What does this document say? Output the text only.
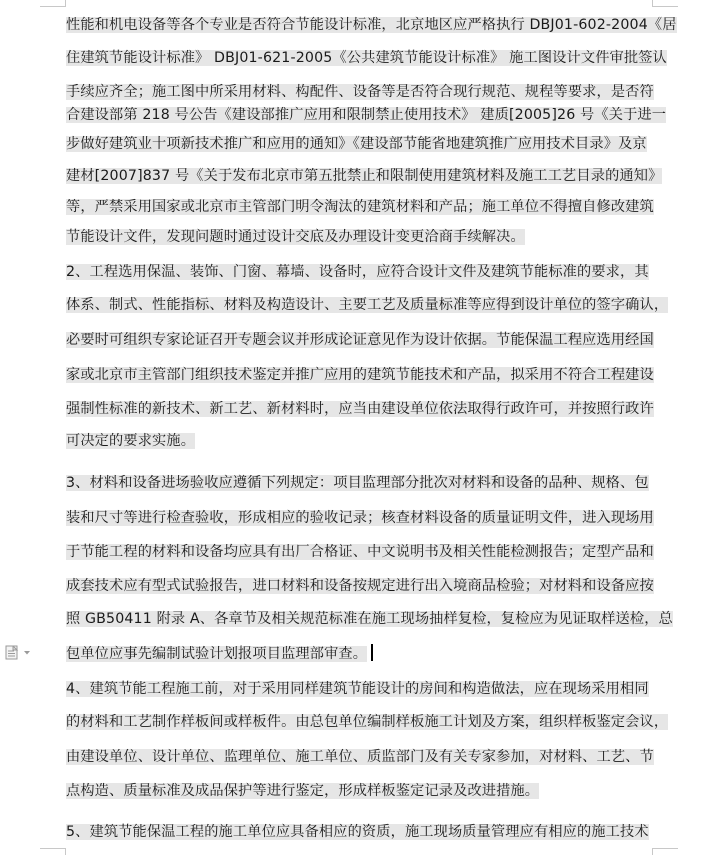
性能和机电设备等各个专业是否符合节能设计标准，北京地区应严格执行 DBJ01-602-2004《居
住建筑节能设计标准》 DBJ01-621-2005《公共建筑节能设计标准》 施工图设计文件审批签认
手续应齐全；施工图中所采用材料、构配件、设备等是否符合现行规范、规程等要求，是否符
合建设部第 218 号公告《建设部推广应用和限制禁止使用技术》 建质[2005]26 号《关于进一
步做好建筑业十项新技术推广和应用的通知》《建设部节能省地建筑推广应用技术目录》及京
建材[2007]837 号《关于发布北京市第五批禁止和限制使用建筑材料及施工工艺目录的通知》
等，严禁采用国家或北京市主管部门明令淘汰的建筑材料和产品；施工单位不得擅自修改建筑
节能设计文件，发现问题时通过设计交底及办理设计变更洽商手续解决。
2、工程选用保温、装饰、门窗、幕墙、设备时，应符合设计文件及建筑节能标准的要求，其
体系、制式、性能指标、材料及构造设计、主要工艺及质量标准等应得到设计单位的签字确认，
必要时可组织专家论证召开专题会议并形成论证意见作为设计依据。节能保温工程应选用经国
家或北京市主管部门组织技术鉴定并推广应用的建筑节能技术和产品，拟采用不符合工程建设
强制性标准的新技术、新工艺、新材料时，应当由建设单位依法取得行政许可，并按照行政许
可决定的要求实施。
3、材料和设备进场验收应遵循下列规定：项目监理部分批次对材料和设备的品种、规格、包
装和尺寸等进行检查验收，形成相应的验收记录；核查材料设备的质量证明文件，进入现场用
于节能工程的材料和设备均应具有出厂合格证、中文说明书及相关性能检测报告；定型产品和
成套技术应有型式试验报告，进口材料和设备按规定进行出入境商品检验；对材料和设备应按
照 GB50411 附录 A、各章节及相关规范标准在施工现场抽样复检，复检应为见证取样送检，总
包单位应事先编制试验计划报项目监理部审查。
4、建筑节能工程施工前，对于采用同样建筑节能设计的房间和构造做法，应在现场采用相同
的材料和工艺制作样板间或样板件。由总包单位编制样板施工计划及方案，组织样板鉴定会议，
由建设单位、设计单位、监理单位、施工单位、质监部门及有关专家参加，对材料、工艺、节
点构造、质量标准及成品保护等进行鉴定，形成样板鉴定记录及改进措施。
5、建筑节能保温工程的施工单位应具备相应的资质，施工现场质量管理应有相应的施工技术
